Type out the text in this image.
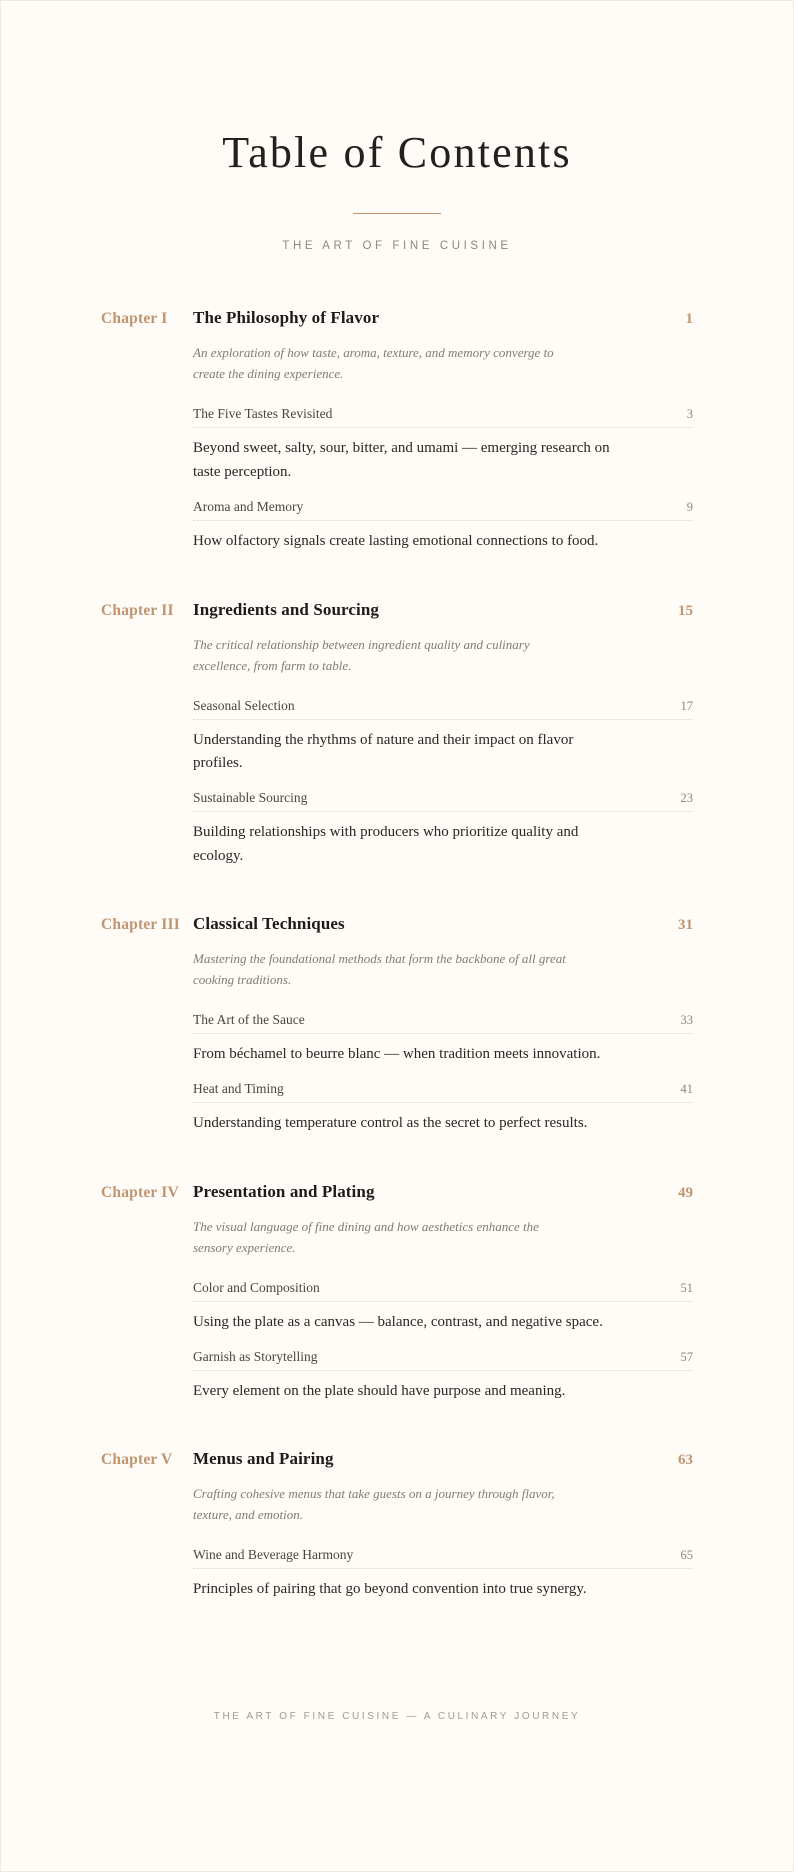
Table of Contents
THE ART OF FINE CUISINE
Chapter I	The Philosophy of Flavor	1
An exploration of how taste, aroma, texture, and memory converge to create the dining experience.
The Five Tastes Revisited	3
Beyond sweet, salty, sour, bitter, and umami — emerging research on taste perception.
Aroma and Memory	9
How olfactory signals create lasting emotional connections to food.
Chapter II	Ingredients and Sourcing	15
The critical relationship between ingredient quality and culinary excellence, from farm to table.
Seasonal Selection	17
Understanding the rhythms of nature and their impact on flavor profiles.
Sustainable Sourcing	23
Building relationships with producers who prioritize quality and ecology.
Chapter III Classical Techniques	31
Mastering the foundational methods that form the backbone of all great cooking traditions.
The Art of the Sauce	33
From béchamel to beurre blanc — when tradition meets innovation.
Heat and Timing	41
Understanding temperature control as the secret to perfect results.
Chapter IV Presentation and Plating	49
The visual language of fine dining and how aesthetics enhance the sensory experience.
Color and Composition	51
Using the plate as a canvas — balance, contrast, and negative space.
Garnish as Storytelling	57
Every element on the plate should have purpose and meaning.
Chapter V	Menus and Pairing	63
Crafting cohesive menus that take guests on a journey through flavor, texture, and emotion.
Wine and Beverage Harmony	65
Principles of pairing that go beyond convention into true synergy.
THE ART OF FINE CUISINE — A CULINARY JOURNEY
